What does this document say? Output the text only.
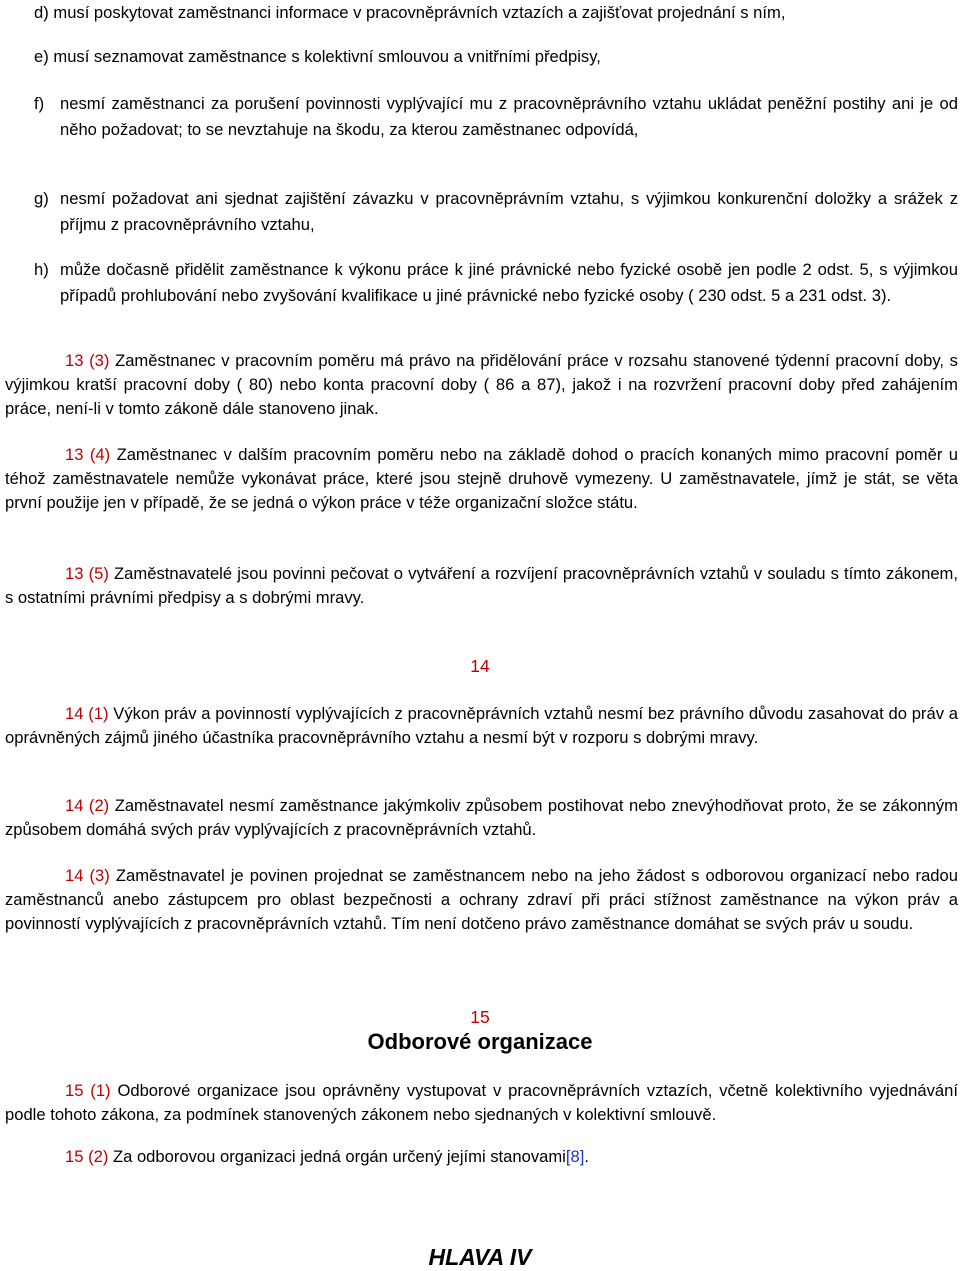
d) musí poskytovat zaměstnanci informace v pracovněprávních vztazích a zajišťovat projednání s ním,

e) musí seznamovat zaměstnance s kolektivní smlouvou a vnitřními předpisy,

f) nesmí zaměstnanci za porušení povinnosti vyplývající mu z pracovněprávního vztahu ukládat peněžní postihy ani je od něho požadovat; to se nevztahuje na škodu, za kterou zaměstnanec odpovídá,

g) nesmí požadovat ani sjednat zajištění závazku v pracovněprávním vztahu, s výjimkou konkurenční doložky a srážek z příjmu z pracovněprávního vztahu,

h) může dočasně přidělit zaměstnance k výkonu práce k jiné právnické nebo fyzické osobě jen podle 2 odst. 5, s výjimkou případů prohlubování nebo zvyšování kvalifikace u jiné právnické nebo fyzické osoby ( 230 odst. 5 a 231 odst. 3).

13 (3) Zaměstnanec v pracovním poměru má právo na přidělování práce v rozsahu stanovené týdenní pracovní doby, s výjimkou kratší pracovní doby ( 80) nebo konta pracovní doby ( 86 a 87), jakož i na rozvržení pracovní doby před zahájením práce, není-li v tomto zákoně dále stanoveno jinak.

13 (4) Zaměstnanec v dalším pracovním poměru nebo na základě dohod o pracích konaných mimo pracovní poměr u téhož zaměstnavatele nemůže vykonávat práce, které jsou stejně druhově vymezeny. U zaměstnavatele, jímž je stát, se věta první použije jen v případě, že se jedná o výkon práce v téže organizační složce státu.

13 (5) Zaměstnavatelé jsou povinni pečovat o vytváření a rozvíjení pracovněprávních vztahů v souladu s tímto zákonem, s ostatními právními předpisy a s dobrými mravy.

14

14 (1) Výkon práv a povinností vyplývajících z pracovněprávních vztahů nesmí bez právního důvodu zasahovat do práv a oprávněných zájmů jiného účastníka pracovněprávního vztahu a nesmí být v rozporu s dobrými mravy.

14 (2) Zaměstnavatel nesmí zaměstnance jakýmkoliv způsobem postihovat nebo znevýhodňovat proto, že se zákonným způsobem domáhá svých práv vyplývajících z pracovněprávních vztahů.

14 (3) Zaměstnavatel je povinen projednat se zaměstnancem nebo na jeho žádost s odborovou organizací nebo radou zaměstnanců anebo zástupcem pro oblast bezpečnosti a ochrany zdraví při práci stížnost zaměstnance na výkon práv a povinností vyplývajících z pracovněprávních vztahů. Tím není dotčeno právo zaměstnance domáhat se svých práv u soudu.

15

Odborové organizace

15 (1) Odborové organizace jsou oprávněny vystupovat v pracovněprávních vztazích, včetně kolektivního vyjednávání podle tohoto zákona, za podmínek stanovených zákonem nebo sjednaných v kolektivní smlouvě.

15 (2) Za odborovou organizaci jedná orgán určený jejími stanovami[8].

HLAVA IV
